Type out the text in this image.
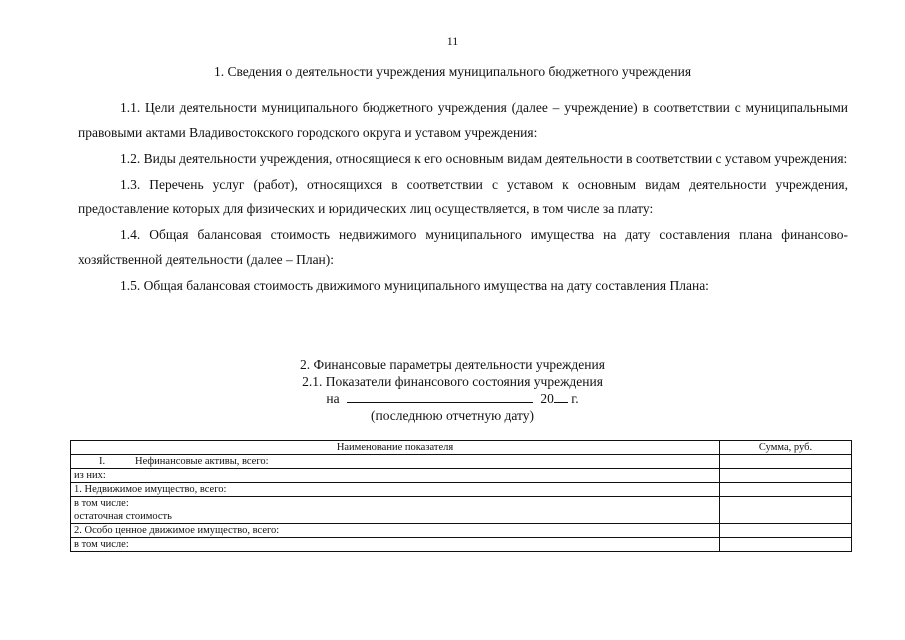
11
1. Сведения о деятельности учреждения муниципального бюджетного учреждения

1.1. Цели деятельности муниципального бюджетного учреждения (далее – учреждение) в соответствии с муниципальными правовыми актами Владивостокского городского округа и уставом учреждения:

1.2. Виды деятельности учреждения, относящиеся к его основным видам деятельности в соответствии с уставом учреждения:

1.3. Перечень услуг (работ), относящихся в соответствии с уставом к основным видам деятельности учреждения, предоставление которых для физических и юридических лиц осуществляется, в том числе за плату:

1.4. Общая балансовая стоимость недвижимого муниципального имущества на дату составления плана финансово-хозяйственной деятельности (далее – План):

1.5. Общая балансовая стоимость движимого муниципального имущества на дату составления Плана:

2. Финансовые параметры деятельности учреждения
2.1. Показатели финансового состояния учреждения
на	20 г.
(последнюю отчетную дату)
Наименование показателя	Сумма, руб.
I. Нефинансовые активы, всего:	
из них:	
1. Недвижимое имущество, всего:	
в том числе:	
остаточная стоимость	
2. Особо ценное движимое имущество, всего:	
в том числе:	
